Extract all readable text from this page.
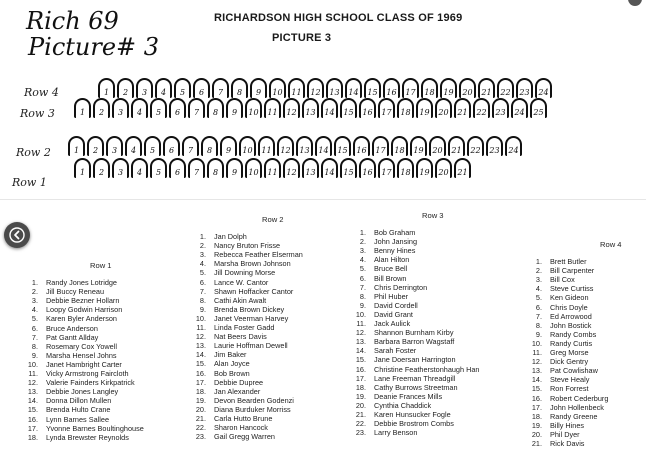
Rich 69
Picture# 3
RICHARDSON HIGH SCHOOL CLASS OF 1969
PICTURE 3
Row 4	1	2	3	4	5	6	7	8	9	10 11 12 13 14 15 16 17 18 19 20 21 22 23 24
Row 3	1	2	3	4	5	6	7	8	9	10 11 12 13 14 15 16 17 18 19 20 21 22 23 24 25
Row 2	1	2	3	4	5	6	7	8	9	10 11 12 13 14 15 16 17 18 19 20 21 22 23 24
Row 1
1	2	3	4	5	6	7	8	9	10 11 12 13 14 15 16 17 18 19 20 21
Row 1
1.	Randy Jones Lotridge
2.	Jill Buccy Reneau
3.	Debbie Bezner Hollarn
4.	Loopy Godwin Harrison
5.	Karen Byler Anderson
6.	Bruce Anderson
7.	Pat Gantt Allday
8.	Rosemary Cox Yowell
9.	Marsha Hensel Johns
10.	Janet Hambright Carter
11.	Vicky Armstrong Faircloth
12.	Valerie Fainders Kirkpatrick
13.	Debbie Jones Langley
14.	Donna Dillon Mullen
15.	Brenda Hulto Crane
16.	Lynn Barnes Sallee
17.	Yvonne Barnes Boultinghouse
18.	Lynda Brewster Reynolds
Row 2
1.	Jan Dolph
2.	Nancy Bruton Frisse
3.	Rebecca Feather Elserman
4.	Marsha Brown Johnson
5.	Jill Downing Morse
6.	Lance W. Cantor
7.	Shawn Hoffacker Cantor
8.	Cathi Akin Awalt
9.	Brenda Brown Dickey
10.	Janet Veerman Harvey
11.	Linda Foster Gadd
12.	Nat Beers Davis
13.	Laurie Hoffman Dewell
14.	Jim Baker
15.	Alan Joyce
16.	Bob Brown
17.	Debbie Dupree
18.	Jan Alexander
19.	Devon Bearden Godenzi
20.	Diana Burduker Morriss
21.	Carla Hutto Brune
22.	Sharon Hancock
23.	Gail Gregg Warren
Row 3
1.	Bob Graham
2.	John Jansing
3.	Benny Hines
4.	Alan Hilton
5.	Bruce Bell
6.	Bill Brown
7.	Chris Derrington
8.	Phil Huber
9.	David Cordell
10.	David Grant
11.	Jack Aulick
12.	Shannon Burnham Kirby
13.	Barbara Barron Wagstaff
14.	Sarah Foster
15.	Jane Doersan Harrington
16.	Christine Featherstonhaugh Han
17.	Lane Freeman Threadgill
18.	Cathy Burrows Streetman
19.	Deanie Frances Mills
20.	Cynthia Chaddick
21.	Karen Hunsucker Fogle
22.	Debbie Brostrom Combs
23.	Larry Benson
Row 4
1.	Brett Butler
2.	Bill Carpenter
3.	Bill Cox
4.	Steve Curtiss
5.	Ken Gideon
6.	Chris Doyle
7.	Ed Arrowood
8.	John Bostick
9.	Randy Combs
10.	Randy Curtis
11.	Greg Morse
12.	Dick Gentry
13.	Pat Cowlishaw
14.	Steve Healy
15.	Ron Forrest
16.	Robert Cederburg
17.	John Hollenbeck
18.	Randy Greene
19.	Billy Hines
20.	Phil Dyer
21.	Rick Davis
